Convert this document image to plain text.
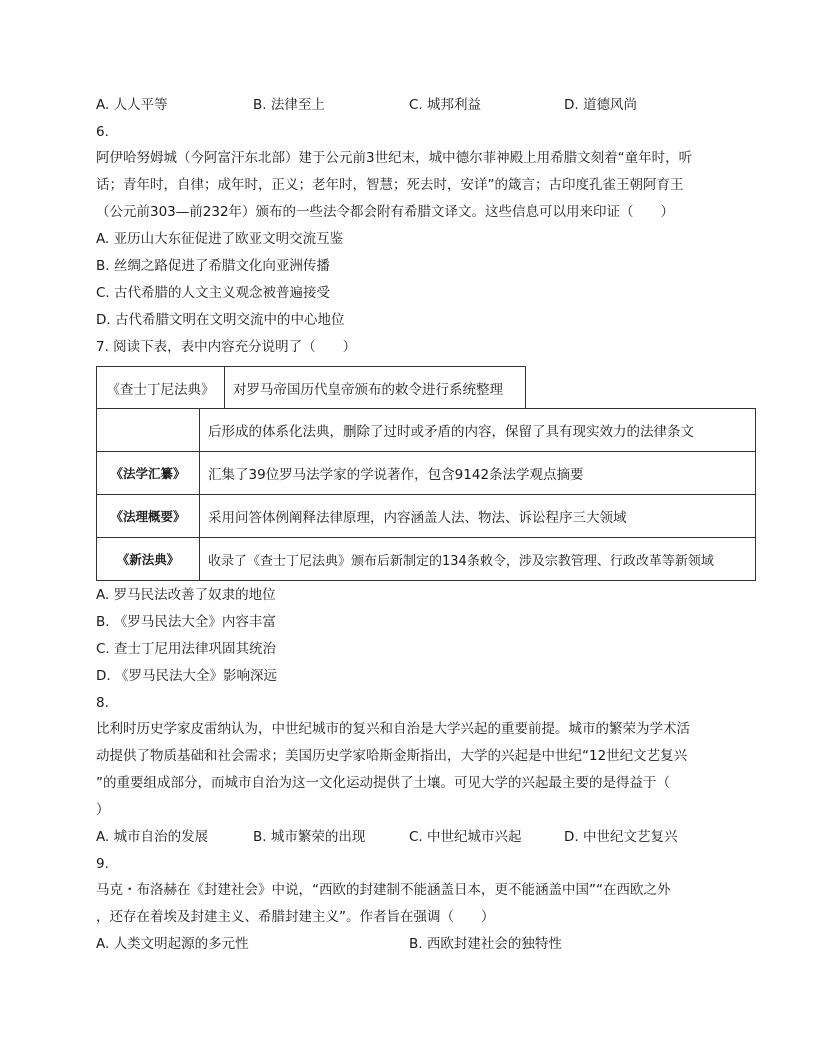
A. 人人平等	B. 法律至上	C. 城邦利益	D. 道德风尚
6.
阿伊哈努姆城（今阿富汗东北部）建于公元前3世纪末，城中德尔菲神殿上用希腊文刻着“童年时，听
话；青年时，自律；成年时，正义；老年时，智慧；死去时，安详”的箴言；古印度孔雀王朝阿育王
（公元前303—前232年）颁布的一些法令都会附有希腊文译文。这些信息可以用来印证（　　）
A. 亚历山大东征促进了欧亚文明交流互鉴
B. 丝绸之路促进了希腊文化向亚洲传播
C. 古代希腊的人文主义观念被普遍接受
D. 古代希腊文明在文明交流中的中心地位
7. 阅读下表，表中内容充分说明了（　　）
《查士丁尼法典》	对罗马帝国历代皇帝颁布的敕令进行系统整理
	后形成的体系化法典，删除了过时或矛盾的内容，保留了具有现实效力的法律条文
《法学汇纂》	汇集了39位罗马法学家的学说著作，包含9142条法学观点摘要
《法理概要》	采用问答体例阐释法律原理，内容涵盖人法、物法、诉讼程序三大领域
《新法典》	收录了《查士丁尼法典》颁布后新制定的134条敕令，涉及宗教管理、行政改革等新领域
A. 罗马民法改善了奴隶的地位
B. 《罗马民法大全》内容丰富
C. 查士丁尼用法律巩固其统治
D. 《罗马民法大全》影响深远
8.
比利时历史学家皮雷纳认为，中世纪城市的复兴和自治是大学兴起的重要前提。城市的繁荣为学术活
动提供了物质基础和社会需求；美国历史学家哈斯金斯指出，大学的兴起是中世纪“12世纪文艺复兴
”的重要组成部分，而城市自治为这一文化运动提供了土壤。可见大学的兴起最主要的是得益于（
）
A. 城市自治的发展	B. 城市繁荣的出现	C. 中世纪城市兴起	D. 中世纪文艺复兴
9.
马克・布洛赫在《封建社会》中说，“西欧的封建制不能涵盖日本，更不能涵盖中国”“在西欧之外
，还存在着埃及封建主义、希腊封建主义”。作者旨在强调（　　）
A. 人类文明起源的多元性	B. 西欧封建社会的独特性
